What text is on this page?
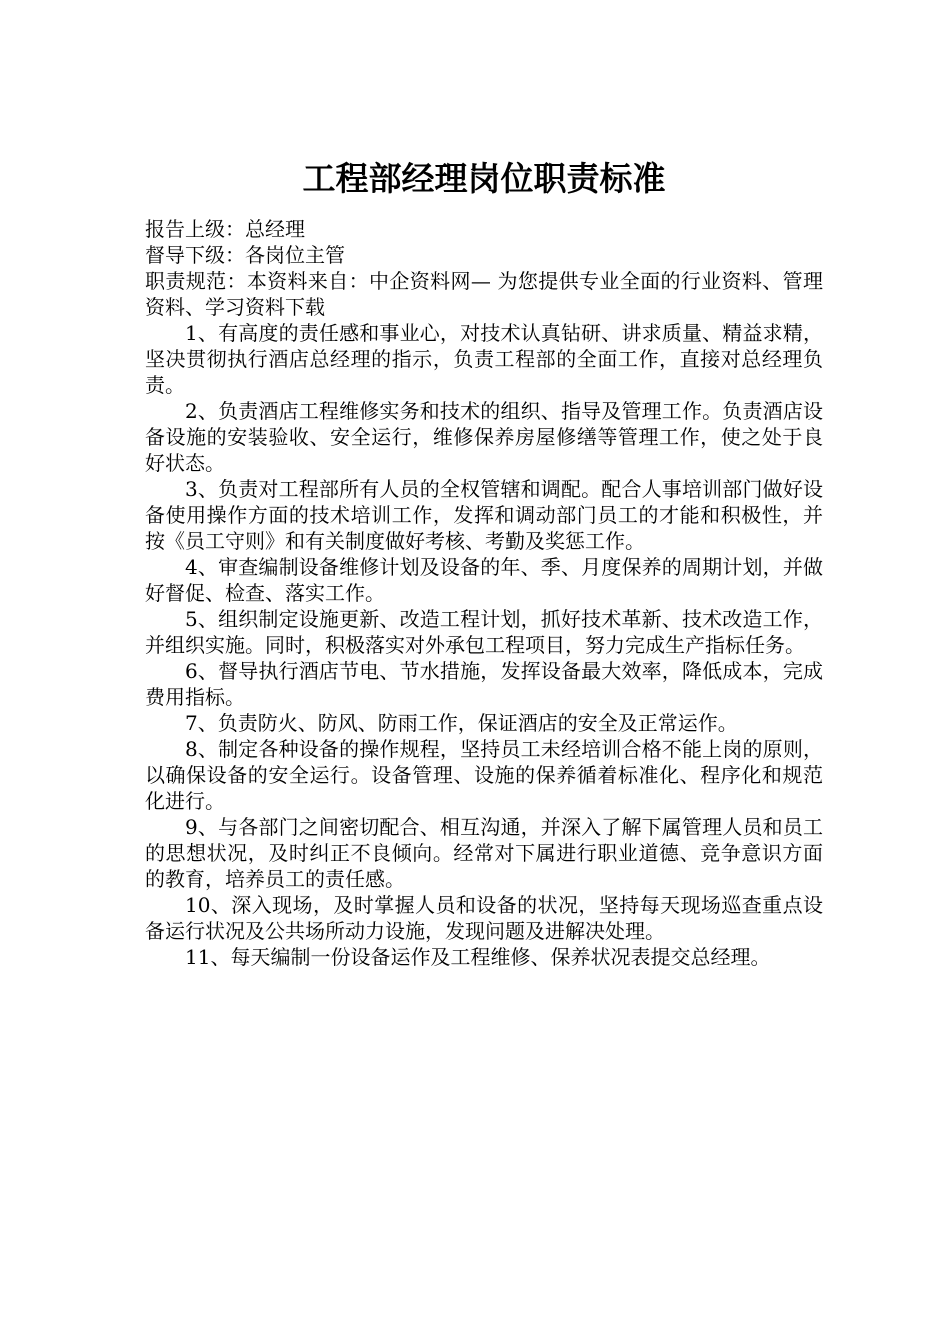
工程部经理岗位职责标准

报告上级：总经理

督导下级：各岗位主管

职责规范：本资料来自：中企资料网— 为您提供专业全面的行业资料、管理资料、学习资料下载

1、有高度的责任感和事业心，对技术认真钻研、讲求质量、精益求精，坚决贯彻执行酒店总经理的指示，负责工程部的全面工作，直接对总经理负责。

2、负责酒店工程维修实务和技术的组织、指导及管理工作。负责酒店设备设施的安装验收、安全运行，维修保养房屋修缮等管理工作，使之处于良好状态。

3、负责对工程部所有人员的全权管辖和调配。配合人事培训部门做好设备使用操作方面的技术培训工作，发挥和调动部门员工的才能和积极性，并按《员工守则》和有关制度做好考核、考勤及奖惩工作。

4、审查编制设备维修计划及设备的年、季、月度保养的周期计划，并做好督促、检查、落实工作。

5、组织制定设施更新、改造工程计划，抓好技术革新、技术改造工作，并组织实施。同时，积极落实对外承包工程项目，努力完成生产指标任务。

6、督导执行酒店节电、节水措施，发挥设备最大效率，降低成本，完成费用指标。

7、负责防火、防风、防雨工作，保证酒店的安全及正常运作。

8、制定各种设备的操作规程，坚持员工未经培训合格不能上岗的原则，以确保设备的安全运行。设备管理、设施的保养循着标准化、程序化和规范化进行。

9、与各部门之间密切配合、相互沟通，并深入了解下属管理人员和员工的思想状况，及时纠正不良倾向。经常对下属进行职业道德、竞争意识方面的教育，培养员工的责任感。

10、深入现场，及时掌握人员和设备的状况，坚持每天现场巡查重点设备运行状况及公共场所动力设施，发现问题及进解决处理。

11、每天编制一份设备运作及工程维修、保养状况表提交总经理。
